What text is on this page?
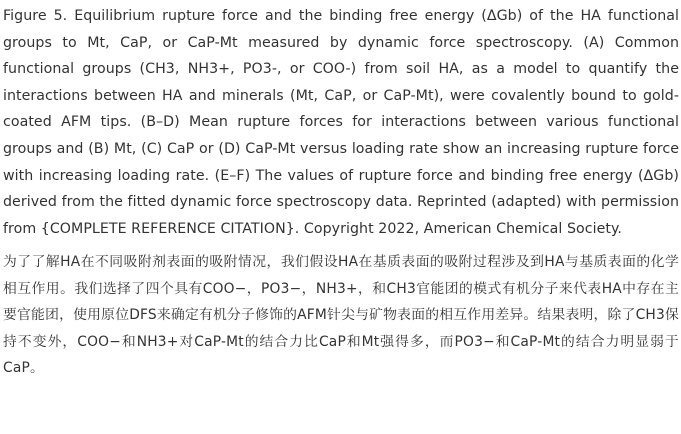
Figure 5. Equilibrium rupture force and the binding free energy (ΔGb) of the HA functional groups to Mt, CaP, or CaP-Mt measured by dynamic force spectroscopy. (A) Common functional groups (CH3, NH3+, PO3-, or COO-) from soil HA, as a model to quantify the interactions between HA and minerals (Mt, CaP, or CaP-Mt), were covalently bound to gold-coated AFM tips. (B–D) Mean rupture forces for interactions between various functional groups and (B) Mt, (C) CaP or (D) CaP-Mt versus loading rate show an increasing rupture force with increasing loading rate. (E–F) The values of rupture force and binding free energy (ΔGb) derived from the fitted dynamic force spectroscopy data. Reprinted (adapted) with permission from {COMPLETE REFERENCE CITATION}. Copyright 2022, American Chemical Society.

为了了解HA在不同吸附剂表面的吸附情况，我们假设HA在基质表面的吸附过程涉及到HA与基质表面的化学相互作用。我们选择了四个具有COO−，PO3−，NH3+，和CH3官能团的模式有机分子来代表HA中存在主要官能团，使用原位DFS来确定有机分子修饰的AFM针尖与矿物表面的相互作用差异。结果表明，除了CH3保持不变外，COO−和NH3+对CaP-Mt的结合力比CaP和Mt强得多，而PO3−和CaP-Mt的结合力明显弱于CaP。
